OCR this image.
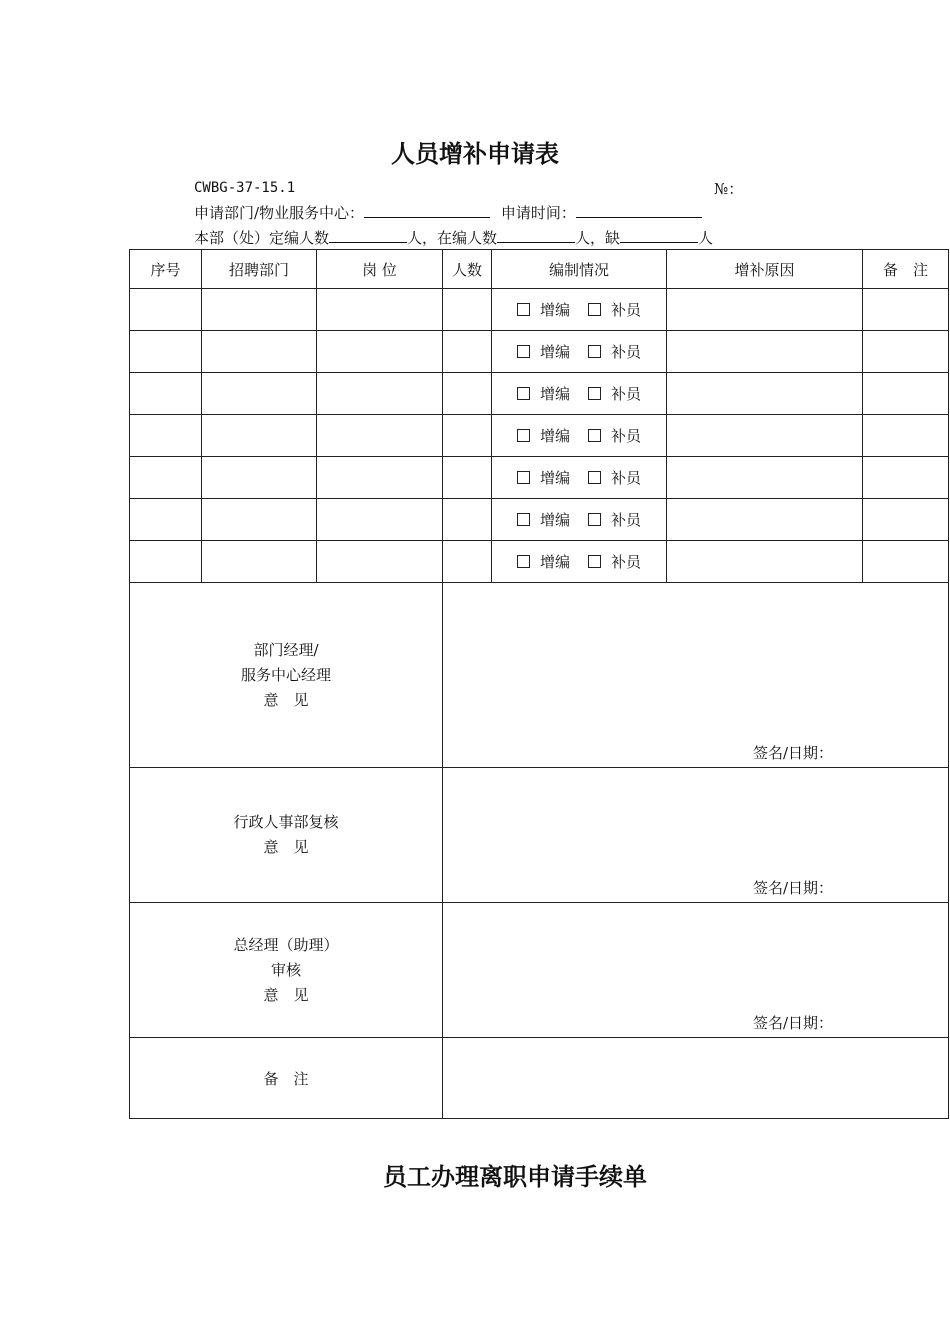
人员增补申请表
CWBG-37-15.1	№：
申请部门/物业服务中心：	申请时间：
本部（处）定编人数	人，在编人数	人，缺	人
序号	招聘部门	岗 位	人数	编制情况	增补原因	备　注
				增编 补员		
				增编 补员		
				增编 补员		
				增编 补员		
				增编 补员		
				增编 补员		
				增编 补员		

部门经理/
服务中心经理
意　见			签名/日期：			

行政人事部复核
意　见			签名/日期：			

总经理（助理）
审核
意　见			签名/日期：			

备　注						
员工办理离职申请手续单
